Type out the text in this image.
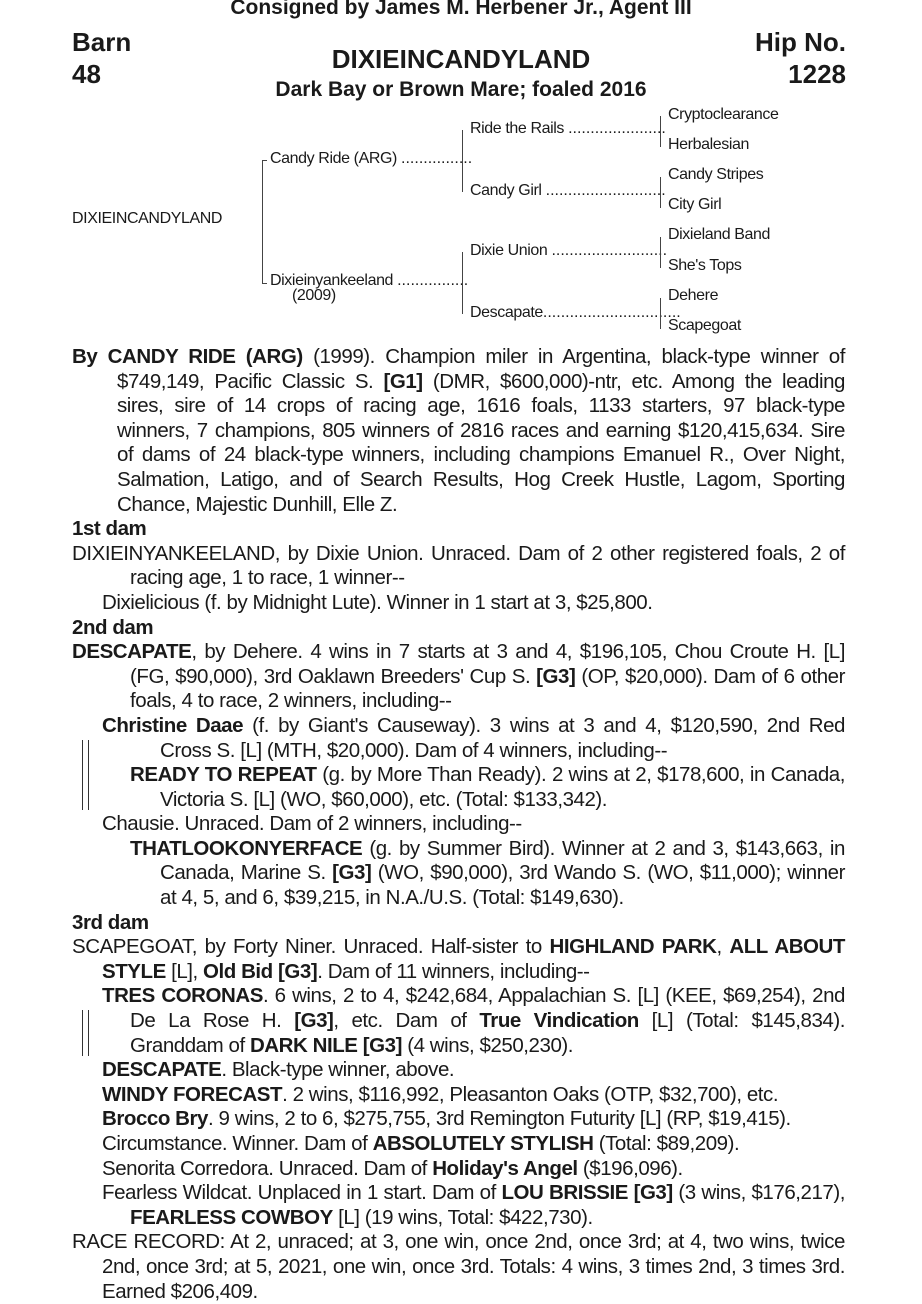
Consigned by James M. Herbener Jr., Agent III
Barn
48
Hip No.
1228
DIXIEINCANDYLAND
Dark Bay or Brown Mare; foaled 2016
DIXIEINCANDYLAND
Candy Ride (ARG) ................
Dixieinyankeeland ................
(2009)
Ride the Rails ......................
Candy Girl ...........................
Dixie Union ..........................
Descapate...............................
Cryptoclearance
Herbalesian
Candy Stripes
City Girl
Dixieland Band
She's Tops
Dehere
Scapegoat

By CANDY RIDE (ARG) (1999). Champion miler in Argentina, black-type winner of $749,149, Pacific Classic S. [G1] (DMR, $600,000)-ntr, etc. Among the leading sires, sire of 14 crops of racing age, 1616 foals, 1133 starters, 97 black-type winners, 7 champions, 805 winners of 2816 races and earning $120,415,634. Sire of dams of 24 black-type winners, including champions Emanuel R., Over Night, Salmation, Latigo, and of Search Results, Hog Creek Hustle, Lagom, Sporting Chance, Majestic Dunhill, Elle Z.

1st dam

DIXIEINYANKEELAND, by Dixie Union. Unraced. Dam of 2 other registered foals, 2 of racing age, 1 to race, 1 winner--

Dixielicious (f. by Midnight Lute). Winner in 1 start at 3, $25,800.

2nd dam

DESCAPATE, by Dehere. 4 wins in 7 starts at 3 and 4, $196,105, Chou Croute H. [L] (FG, $90,000), 3rd Oaklawn Breeders' Cup S. [G3] (OP, $20,000). Dam of 6 other foals, 4 to race, 2 winners, including--

Christine Daae (f. by Giant's Causeway). 3 wins at 3 and 4, $120,590, 2nd Red Cross S. [L] (MTH, $20,000). Dam of 4 winners, including--

READY TO REPEAT (g. by More Than Ready). 2 wins at 2, $178,600, in Canada, Victoria S. [L] (WO, $60,000), etc. (Total: $133,342).

Chausie. Unraced. Dam of 2 winners, including--

THATLOOKONYERFACE (g. by Summer Bird). Winner at 2 and 3, $143,663, in Canada, Marine S. [G3] (WO, $90,000), 3rd Wando S. (WO, $11,000); winner at 4, 5, and 6, $39,215, in N.A./U.S. (Total: $149,630).

3rd dam

SCAPEGOAT, by Forty Niner. Unraced. Half-sister to HIGHLAND PARK, ALL ABOUT STYLE [L], Old Bid [G3]. Dam of 11 winners, including--

TRES CORONAS. 6 wins, 2 to 4, $242,684, Appalachian S. [L] (KEE, $69,254), 2nd De La Rose H. [G3], etc. Dam of True Vindication [L] (Total: $145,834). Granddam of DARK NILE [G3] (4 wins, $250,230).

DESCAPATE. Black-type winner, above.

WINDY FORECAST. 2 wins, $116,992, Pleasanton Oaks (OTP, $32,700), etc.

Brocco Bry. 9 wins, 2 to 6, $275,755, 3rd Remington Futurity [L] (RP, $19,415).

Circumstance. Winner. Dam of ABSOLUTELY STYLISH (Total: $89,209).

Senorita Corredora. Unraced. Dam of Holiday's Angel ($196,096).

Fearless Wildcat. Unplaced in 1 start. Dam of LOU BRISSIE [G3] (3 wins, $176,217), FEARLESS COWBOY [L] (19 wins, Total: $422,730).

RACE RECORD: At 2, unraced; at 3, one win, once 2nd, once 3rd; at 4, two wins, twice 2nd, once 3rd; at 5, 2021, one win, once 3rd. Totals: 4 wins, 3 times 2nd, 3 times 3rd. Earned $206,409.
